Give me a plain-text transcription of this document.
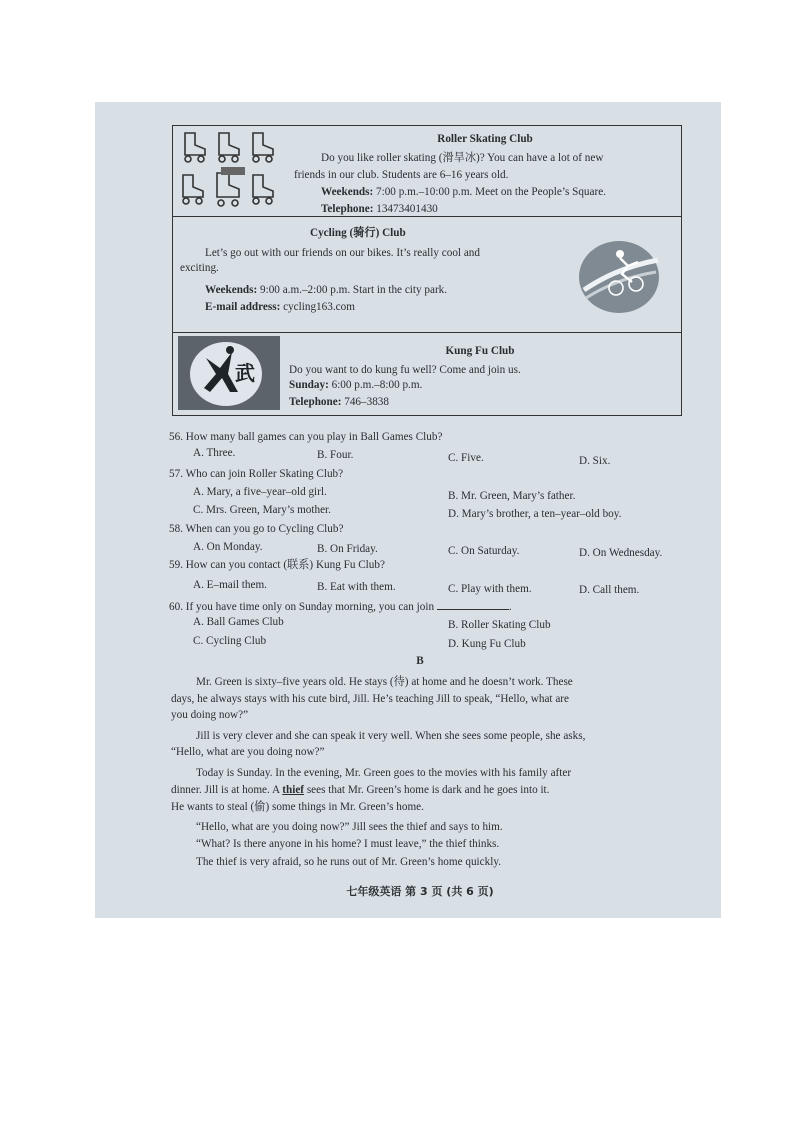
Roller Skating Club
Do you like roller skating (滑旱冰)? You can have a lot of new
friends in our club. Students are 6–16 years old.
Weekends: 7:00 p.m.–10:00 p.m. Meet on the People’s Square.
Telephone: 13473401430
Cycling (骑行) Club
Let’s go out with our friends on our bikes. It’s really cool and
exciting.
Weekends: 9:00 a.m.–2:00 p.m. Start in the city park.
E-mail address: cycling163.com
武
Kung Fu Club
Do you want to do kung fu well? Come and join us.
Sunday: 6:00 p.m.–8:00 p.m.
Telephone: 746–3838
56. How many ball games can you play in Ball Games Club?
A. Three.	B. Four.	C. Five.	D. Six.
57. Who can join Roller Skating Club?
A. Mary, a five–year–old girl.	B. Mr. Green, Mary’s father.
C. Mrs. Green, Mary’s mother.	D. Mary’s brother, a ten–year–old boy.
58. When can you go to Cycling Club?
A. On Monday.	B. On Friday.	C. On Saturday.	D. On Wednesday.
59. How can you contact (联系) Kung Fu Club?
A. E–mail them.	B. Eat with them.	C. Play with them.	D. Call them.
60. If you have time only on Sunday morning, you can join	.
A. Ball Games Club	B. Roller Skating Club
C. Cycling Club	D. Kung Fu Club
B
Mr. Green is sixty–five years old. He stays (待) at home and he doesn’t work. These
days, he always stays with his cute bird, Jill. He’s teaching Jill to speak, “Hello, what are
you doing now?”
Jill is very clever and she can speak it very well. When she sees some people, she asks,
“Hello, what are you doing now?”
Today is Sunday. In the evening, Mr. Green goes to the movies with his family after
dinner. Jill is at home. A thief sees that Mr. Green’s home is dark and he goes into it.
He wants to steal (偷) some things in Mr. Green’s home.
“Hello, what are you doing now?” Jill sees the thief and says to him.
“What? Is there anyone in his home? I must leave,” the thief thinks.
The thief is very afraid, so he runs out of Mr. Green’s home quickly.
七年级英语 第 3 页 (共 6 页)
